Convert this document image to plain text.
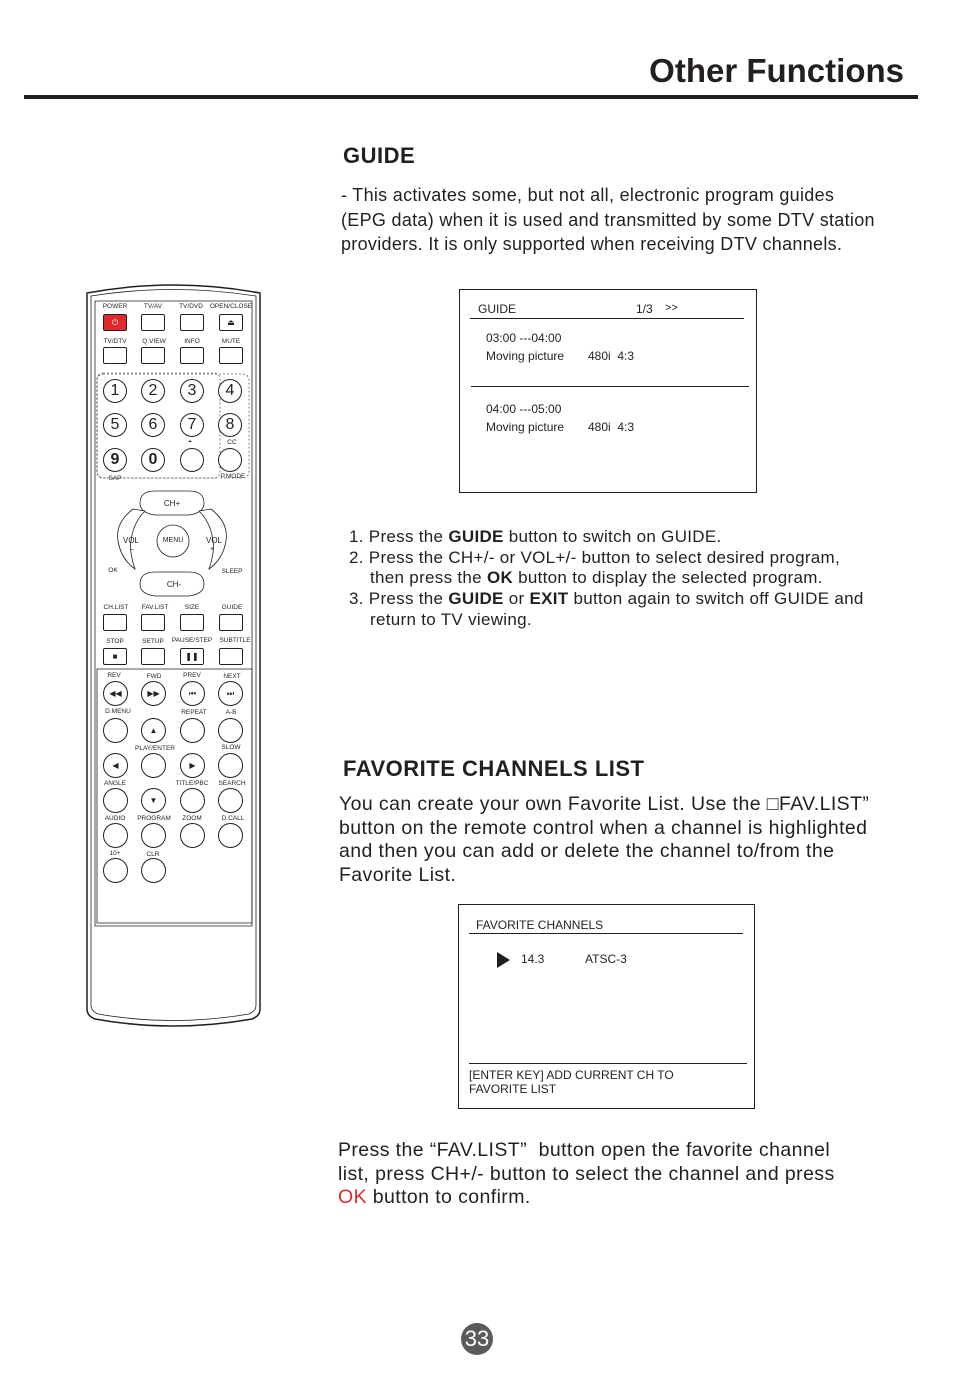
Other Functions
GUIDE
- This activates some, but not all, electronic program guides
(EPG data) when it is used and transmitted by some DTV station
providers. It is only supported when receiving DTV channels.
GUIDE	1/3 >>
03:00 ---04:00
Moving picture 480i  4:3
04:00 ---05:00
Moving picture 480i  4:3
1. Press the GUIDE button to switch on GUIDE.
2. Press the CH+/- or VOL+/- button to select desired program,
then press the OK button to display the selected program.
3. Press the GUIDE or EXIT button again to switch off GUIDE and
return to TV viewing.
FAVORITE CHANNELS LIST
You can create your own Favorite List. Use the □FAV.LIST”
button on the remote control when a channel is highlighted
and then you can add or delete the channel to/from the
Favorite List.
FAVORITE CHANNELS
14.3	ATSC-3
[ENTER KEY] ADD CURRENT CH TO
FAVORITE LIST
Press the “FAV.LIST”  button open the favorite channel
list, press CH+/- button to select the channel and press
OK button to confirm.
33
POWER	TV/AV	TV/DVD OPEN/CLOSE
⏻	⏏
TV/DTV Q.VIEW	INFO	MUTE
1	2	3	4
5	6	7	8
-	CC
9	0
SAP	P.MODE
CH+
CH-
VOL
–
VOL
+
MENU
OK	SLEEP
CH.LIST FAV.LIST	SIZE	GUIDE
STOP	SETUP PAUSE/STEP SUBTITLE
■	❚❚
REV	FWD	PREV	NEXT
◀◀	▶▶	⏮	⏭
D.MENU	REPEAT	A-B
▲
PLAY/ENTER	SLOW
◀	▶
ANGLE	TITLE/PBC SEARCH
▼
AUDIO PROGRAM ZOOM	D.CALL
10+	CLR
